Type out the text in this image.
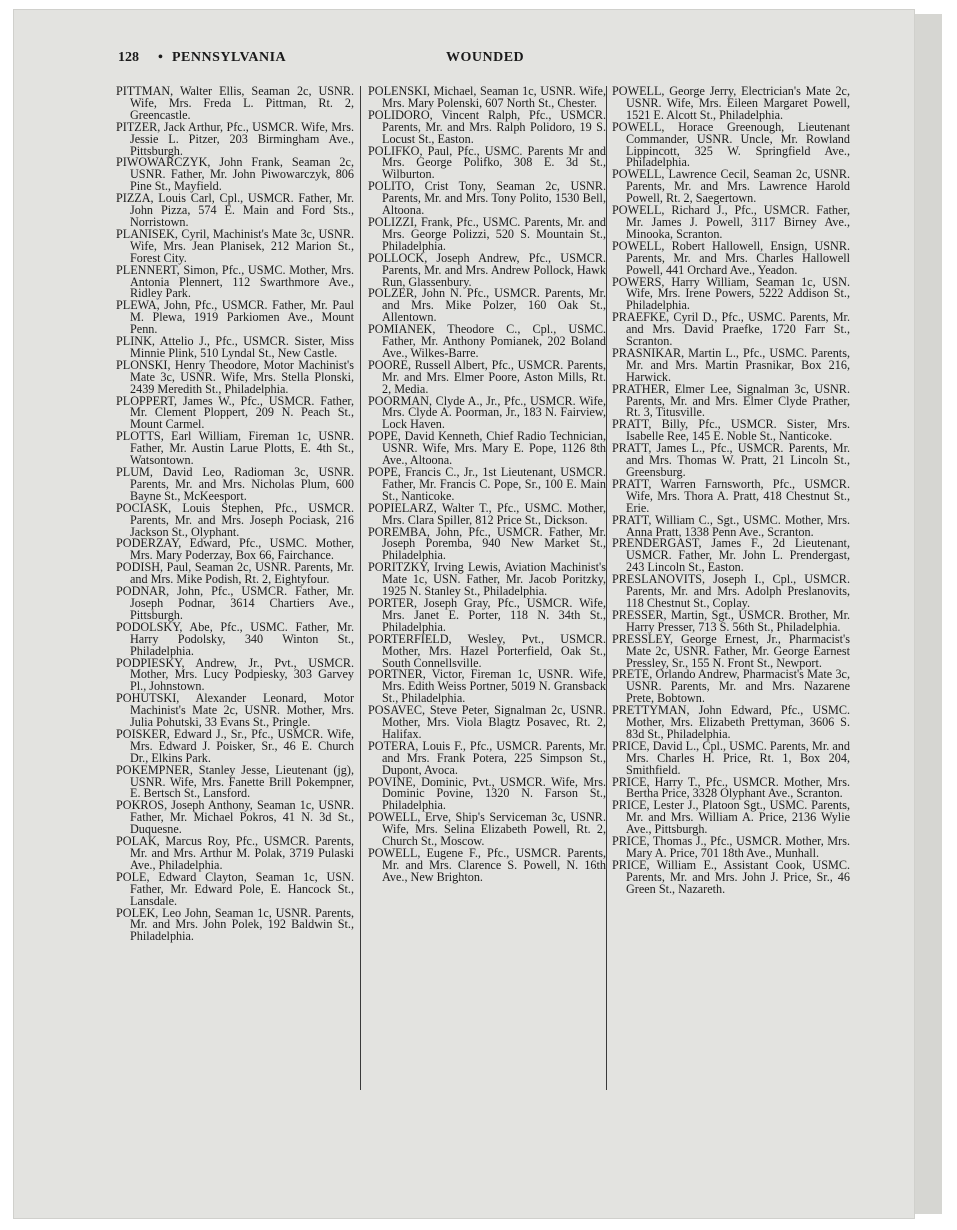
128 • PENNSYLVANIA	WOUNDED

PITTMAN, Walter Ellis, Seaman 2c, USNR. Wife, Mrs. Freda L. Pittman, Rt. 2, Greencastle.

PITZER, Jack Arthur, Pfc., USMCR. Wife, Mrs. Jessie L. Pitzer, 203 Birmingham Ave., Pittsburgh.

PIWOWARCZYK, John Frank, Seaman 2c, USNR. Father, Mr. John Piwowarczyk, 806 Pine St., Mayfield.

PIZZA, Louis Carl, Cpl., USMCR. Father, Mr. John Pizza, 574 E. Main and Ford Sts., Norristown.

PLANISEK, Cyril, Machinist's Mate 3c, USNR. Wife, Mrs. Jean Planisek, 212 Marion St., Forest City.

PLENNERT, Simon, Pfc., USMC. Mother, Mrs. Antonia Plennert, 112 Swarthmore Ave., Ridley Park.

PLEWA, John, Pfc., USMCR. Father, Mr. Paul M. Plewa, 1919 Parkiomen Ave., Mount Penn.

PLINK, Attelio J., Pfc., USMCR. Sister, Miss Minnie Plink, 510 Lyndal St., New Castle.

PLONSKI, Henry Theodore, Motor Machinist's Mate 3c, USNR. Wife, Mrs. Stella Plonski, 2439 Meredith St., Philadelphia.

PLOPPERT, James W., Pfc., USMCR. Father, Mr. Clement Ploppert, 209 N. Peach St., Mount Carmel.

PLOTTS, Earl William, Fireman 1c, USNR. Father, Mr. Austin Larue Plotts, E. 4th St., Watsontown.

PLUM, David Leo, Radioman 3c, USNR. Parents, Mr. and Mrs. Nicholas Plum, 600 Bayne St., McKeesport.

POCIASK, Louis Stephen, Pfc., USMCR. Parents, Mr. and Mrs. Joseph Pociask, 216 Jackson St., Olyphant.

PODERZAY, Edward, Pfc., USMC. Mother, Mrs. Mary Poderzay, Box 66, Fairchance.

PODISH, Paul, Seaman 2c, USNR. Parents, Mr. and Mrs. Mike Podish, Rt. 2, Eightyfour.

PODNAR, John, Pfc., USMCR. Father, Mr. Joseph Podnar, 3614 Chartiers Ave., Pittsburgh.

PODOLSKY, Abe, Pfc., USMC. Father, Mr. Harry Podolsky, 340 Winton St., Philadelphia.

PODPIESKY, Andrew, Jr., Pvt., USMCR. Mother, Mrs. Lucy Podpiesky, 303 Garvey Pl., Johnstown.

POHUTSKI, Alexander Leonard, Motor Machinist's Mate 2c, USNR. Mother, Mrs. Julia Pohutski, 33 Evans St., Pringle.

POISKER, Edward J., Sr., Pfc., USMCR. Wife, Mrs. Edward J. Poisker, Sr., 46 E. Church Dr., Elkins Park.

POKEMPNER, Stanley Jesse, Lieutenant (jg), USNR. Wife, Mrs. Fanette Brill Pokempner, E. Bertsch St., Lansford.

POKROS, Joseph Anthony, Seaman 1c, USNR. Father, Mr. Michael Pokros, 41 N. 3d St., Duquesne.

POLAK, Marcus Roy, Pfc., USMCR. Parents, Mr. and Mrs. Arthur M. Polak, 3719 Pulaski Ave., Philadelphia.

POLE, Edward Clayton, Seaman 1c, USN. Father, Mr. Edward Pole, E. Hancock St., Lansdale.

POLEK, Leo John, Seaman 1c, USNR. Parents, Mr. and Mrs. John Polek, 192 Baldwin St., Philadelphia.

POLENSKI, Michael, Seaman 1c, USNR. Wife, Mrs. Mary Polenski, 607 North St., Chester.

POLIDORO, Vincent Ralph, Pfc., USMCR. Parents, Mr. and Mrs. Ralph Polidoro, 19 S. Locust St., Easton.

POLIFKO, Paul, Pfc., USMC. Parents Mr and Mrs. George Polifko, 308 E. 3d St., Wilburton.

POLITO, Crist Tony, Seaman 2c, USNR. Parents, Mr. and Mrs. Tony Polito, 1530 Bell, Altoona.

POLIZZI, Frank, Pfc., USMC. Parents, Mr. and Mrs. George Polizzi, 520 S. Mountain St., Philadelphia.

POLLOCK, Joseph Andrew, Pfc., USMCR. Parents, Mr. and Mrs. Andrew Pollock, Hawk Run, Glassenbury.

POLZER, John N. Pfc., USMCR. Parents, Mr. and Mrs. Mike Polzer, 160 Oak St., Allentown.

POMIANEK, Theodore C., Cpl., USMC. Father, Mr. Anthony Pomianek, 202 Boland Ave., Wilkes-Barre.

POORE, Russell Albert, Pfc., USMCR. Parents, Mr. and Mrs. Elmer Poore, Aston Mills, Rt. 2, Media.

POORMAN, Clyde A., Jr., Pfc., USMCR. Wife, Mrs. Clyde A. Poorman, Jr., 183 N. Fairview, Lock Haven.

POPE, David Kenneth, Chief Radio Technician, USNR. Wife, Mrs. Mary E. Pope, 1126 8th Ave., Altoona.

POPE, Francis C., Jr., 1st Lieutenant, USMCR. Father, Mr. Francis C. Pope, Sr., 100 E. Main St., Nanticoke.

POPIELARZ, Walter T., Pfc., USMC. Mother, Mrs. Clara Spiller, 812 Price St., Dickson.

POREMBA, John, Pfc., USMCR. Father, Mr. Joseph Poremba, 940 New Market St., Philadelphia.

PORITZKY, Irving Lewis, Aviation Machinist's Mate 1c, USN. Father, Mr. Jacob Poritzky, 1925 N. Stanley St., Philadelphia.

PORTER, Joseph Gray, Pfc., USMCR. Wife, Mrs. Janet E. Porter, 118 N. 34th St., Philadelphia.

PORTERFIELD, Wesley, Pvt., USMCR. Mother, Mrs. Hazel Porterfield, Oak St., South Connellsville.

PORTNER, Victor, Fireman 1c, USNR. Wife, Mrs. Edith Weiss Portner, 5019 N. Gransback St., Philadelphia.

POSAVEC, Steve Peter, Signalman 2c, USNR. Mother, Mrs. Viola Blagtz Posavec, Rt. 2, Halifax.

POTERA, Louis F., Pfc., USMCR. Parents, Mr. and Mrs. Frank Potera, 225 Simpson St., Dupont, Avoca.

POVINE, Dominic, Pvt., USMCR. Wife, Mrs. Dominic Povine, 1320 N. Farson St., Philadelphia.

POWELL, Erve, Ship's Serviceman 3c, USNR. Wife, Mrs. Selina Elizabeth Powell, Rt. 2, Church St., Moscow.

POWELL, Eugene F., Pfc., USMCR. Parents, Mr. and Mrs. Clarence S. Powell, N. 16th Ave., New Brighton.

POWELL, George Jerry, Electrician's Mate 2c, USNR. Wife, Mrs. Eileen Margaret Powell, 1521 E. Alcott St., Philadelphia.

POWELL, Horace Greenough, Lieutenant Commander, USNR. Uncle, Mr. Rowland Lippincott, 325 W. Springfield Ave., Philadelphia.

POWELL, Lawrence Cecil, Seaman 2c, USNR. Parents, Mr. and Mrs. Lawrence Harold Powell, Rt. 2, Saegertown.

POWELL, Richard J., Pfc., USMCR. Father, Mr. James J. Powell, 3117 Birney Ave., Minooka, Scranton.

POWELL, Robert Hallowell, Ensign, USNR. Parents, Mr. and Mrs. Charles Hallowell Powell, 441 Orchard Ave., Yeadon.

POWERS, Harry William, Seaman 1c, USN. Wife, Mrs. Irene Powers, 5222 Addison St., Philadelphia.

PRAEFKE, Cyril D., Pfc., USMC. Parents, Mr. and Mrs. David Praefke, 1720 Farr St., Scranton.

PRASNIKAR, Martin L., Pfc., USMC. Parents, Mr. and Mrs. Martin Prasnikar, Box 216, Harwick.

PRATHER, Elmer Lee, Signalman 3c, USNR. Parents, Mr. and Mrs. Elmer Clyde Prather, Rt. 3, Titusville.

PRATT, Billy, Pfc., USMCR. Sister, Mrs. Isabelle Ree, 145 E. Noble St., Nanticoke.

PRATT, James L., Pfc., USMCR. Parents, Mr. and Mrs. Thomas W. Pratt, 21 Lincoln St., Greensburg.

PRATT, Warren Farnsworth, Pfc., USMCR. Wife, Mrs. Thora A. Pratt, 418 Chestnut St., Erie.

PRATT, William C., Sgt., USMC. Mother, Mrs. Anna Pratt, 1338 Penn Ave., Scranton.

PRENDERGAST, James F., 2d Lieutenant, USMCR. Father, Mr. John L. Prendergast, 243 Lincoln St., Easton.

PRESLANOVITS, Joseph I., Cpl., USMCR. Parents, Mr. and Mrs. Adolph Preslanovits, 118 Chestnut St., Coplay.

PRESSER, Martin, Sgt., USMCR. Brother, Mr. Harry Presser, 713 S. 56th St., Philadelphia.

PRESSLEY, George Ernest, Jr., Pharmacist's Mate 2c, USNR. Father, Mr. George Earnest Pressley, Sr., 155 N. Front St., Newport.

PRETE, Orlando Andrew, Pharmacist's Mate 3c, USNR. Parents, Mr. and Mrs. Nazarene Prete, Bobtown.

PRETTYMAN, John Edward, Pfc., USMC. Mother, Mrs. Elizabeth Prettyman, 3606 S. 83d St., Philadelphia.

PRICE, David L., Cpl., USMC. Parents, Mr. and Mrs. Charles H. Price, Rt. 1, Box 204, Smithfield.

PRICE, Harry T., Pfc., USMCR. Mother, Mrs. Bertha Price, 3328 Olyphant Ave., Scranton.

PRICE, Lester J., Platoon Sgt., USMC. Parents, Mr. and Mrs. William A. Price, 2136 Wylie Ave., Pittsburgh.

PRICE, Thomas J., Pfc., USMCR. Mother, Mrs. Mary A. Price, 701 18th Ave., Munhall.

PRICE, William E., Assistant Cook, USMC. Parents, Mr. and Mrs. John J. Price, Sr., 46 Green St., Nazareth.
